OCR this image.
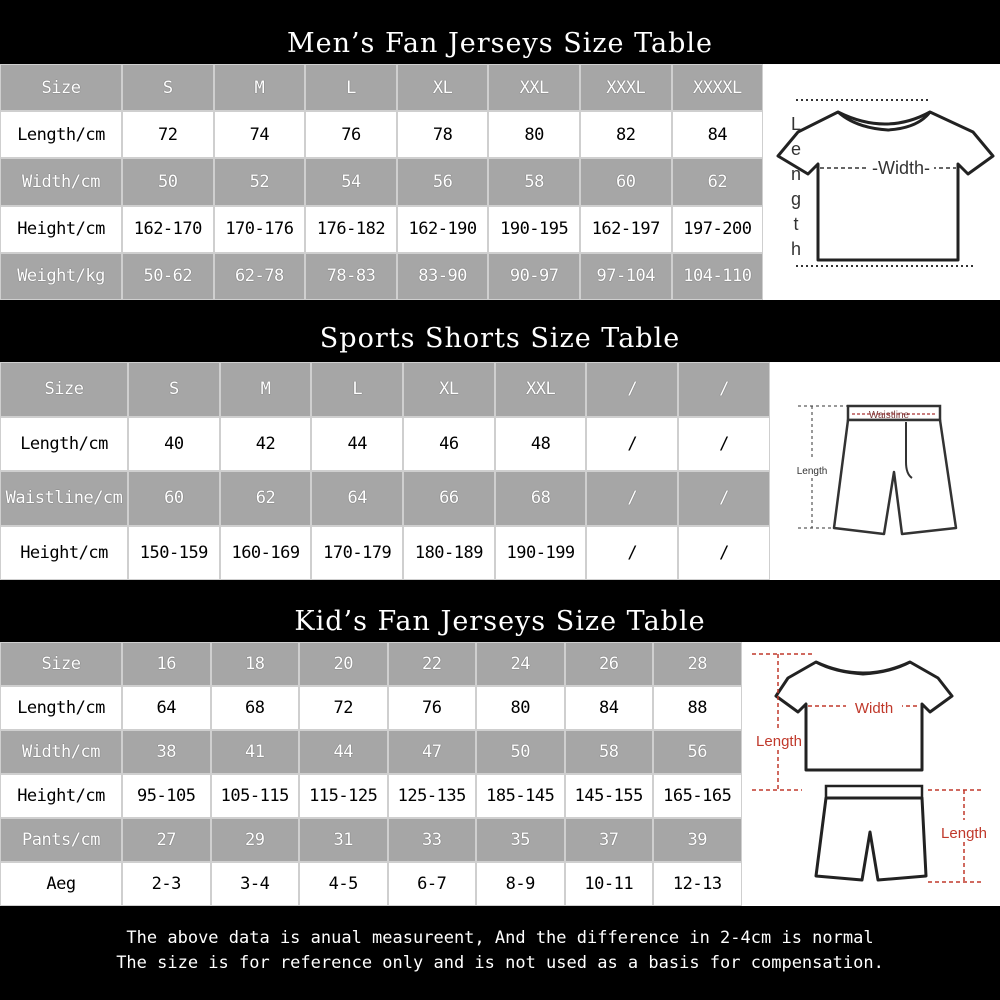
Men’s Fan Jerseys Size Table
Size	S	M	L	XL	XXL	XXXL	XXXXL
Length/cm	72	74	76	78	80	82	84
Width/cm	50	52	54	56	58	60	62
Height/cm	162-170	170-176	176-182	162-190	190-195	162-197	197-200
Weight/kg	50-62	62-78	78-83	83-90	90-97	97-104	104-110
-Width-
L
e
n
g
t
h
Sports Shorts Size Table
Size	S	M	L	XL	XXL	/	/
Length/cm	40	42	44	46	48	/	/
Waistline/cm	60	62	64	66	68	/	/
Height/cm	150-159	160-169	170-179	180-189	190-199	/	/
Waistline
Length
Kid’s Fan Jerseys Size Table
Size	16	18	20	22	24	26	28
Length/cm	64	68	72	76	80	84	88
Width/cm	38	41	44	47	50	58	56
Height/cm	95-105	105-115	115-125	125-135	185-145	145-155	165-165
Pants/cm	27	29	31	33	35	37	39
Aeg	2-3	3-4	4-5	6-7	8-9	10-11	12-13
Width
Length
Length
The above data is anual measureent, And the difference in 2-4cm is normal
The size is for reference only and is not used as a basis for compensation.
